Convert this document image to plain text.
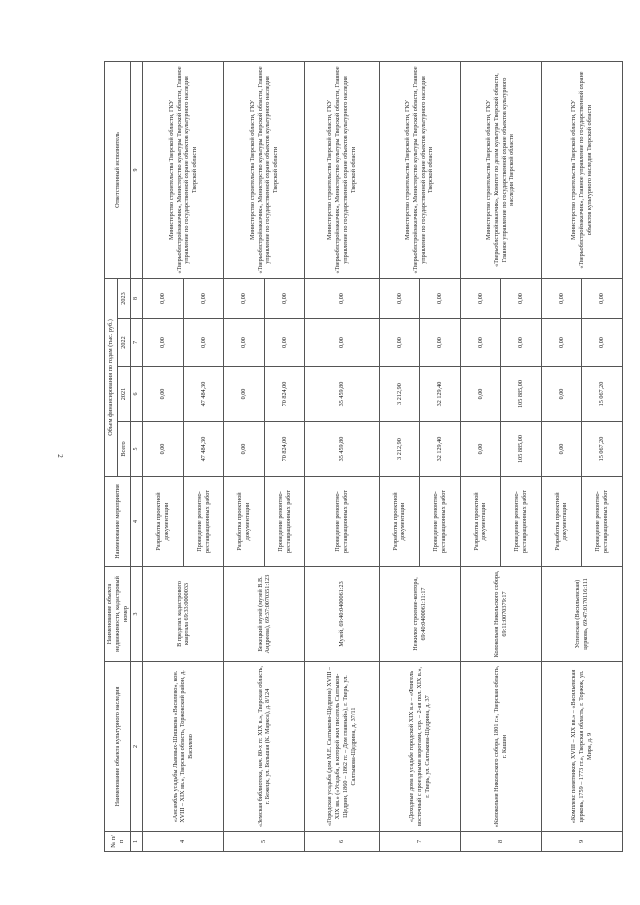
2
№ п/п	Наименование объекта культурного наследия	Наименование объекта недвижимости, кадастровый номер	Наименование мероприятия	Объем финансирования по годам (тыс. руб.)				Ответственный исполнитель
				Всего	2021	2022	2023	
1	2	3	4	5	6	7	8	9
4	«Ансамбль усадьбы Львовых-Шишкова «Василево», кон. XVIII – XIX вв.», Тверская область, Торжокский район, д. Василево	В пределах кадастрового квартала 69:33:0000033	Разработка проектной документации	0,00	0,00	0,00	0,00	Министерство строительства Тверской области, ГКУ «Тверьоблстройзаказчик», Министерство культуры Тверской области, Главное управление по государственной охране объектов культурного наследия Тверской области
			Проведение ремонтно-реставрационных работ	47 484,30	47 484,30	0,00	0,00	
5	«Земская библиотека, нач. 80-х гг. XIX в.», Тверская область, г. Бежецк, ул. Большая (К. Маркса), д. 8/124	Бежецкий музей (музей В.В. Андреева), 69:37:0070351:123	Разработка проектной документации	0,00	0,00	0,00	0,00	Министерство строительства Тверской области, ГКУ «Тверьоблстройзаказчик», Министерство культуры Тверской области, Главное управление по государственной охране объектов культурного наследия Тверской области
			Проведение ремонтно-реставрационных работ	70 824,00	70 824,00	0,00	0,00	
6	«Городская усадьба (дом М.Е. Салтыкова-Щедрина) XVIII – XIX вв.» («Усадьба, в которой жил писатель Салтыков-Щедрин, 1860 – 1862 гг. – Дом главный»), г. Тверь, ул. Салтыкова-Щедрина, д. 37/11	Музей, 69:40:0400061:23	Проведение ремонтно-реставрационных работ	35 459,80	35 459,80	0,00	0,00	Министерство строительства Тверской области, ГКУ «Тверьоблстройзаказчик», Министерство культуры Тверской области, Главное управление по государственной охране объектов культурного наследия Тверской области
7	«Доходные дома в усадьбе городской XIX в.» – «Флигель восточный с проездными воротами, сер. – 2-ая пол. XIX в.», г. Тверь, ул. Салтыкова-Щедрина, д. 37	Нежилое строение-контора, 69:40:0400061:11:17	Разработка проектной документации	3 212,90	3 212,90	0,00	0,00	Министерство строительства Тверской области, ГКУ «Тверьоблстройзаказчик», Министерство культуры Тверской области, Главное управление по государственной охране объектов культурного наследия Тверской области
			Проведение ремонтно-реставрационных работ	32 129,40	32 129,40	0,00	0,00	
8	«Колокольня Никольского собора, 1801 г.», Тверская область, г. Кашин	Колокольня Никольского собора, 69:11:0070379:17	Разработка проектной документации	0,00	0,00	0,00	0,00	Министерство строительства Тверской области, ГКУ «Тверьоблстройзаказчик», Комитет по делам культуры Тверской области, Главное управление по государственной охране объектов культурного наследия Тверской области
			Проведение ремонтно-реставрационных работ	105 885,00	105 885,00	0,00	0,00	
9	«Комплекс памятников, XVIII – XIX вв.» – «Васильевская церковь, 1759 – 1773 гг.», Тверская область, г. Торжок, ул. Мира, д. 9	Успенская (Васильевская) церковь, 69:47:0170116:111	Разработка проектной документации	0,00	0,00	0,00	0,00	Министерство строительства Тверской области, ГКУ «Тверьоблстройзаказчик», Главное управление по государственной охране объектов культурного наследия Тверской области
			Проведение ремонтно-реставрационных работ	15 067,20	15 067,20	0,00	0,00	
